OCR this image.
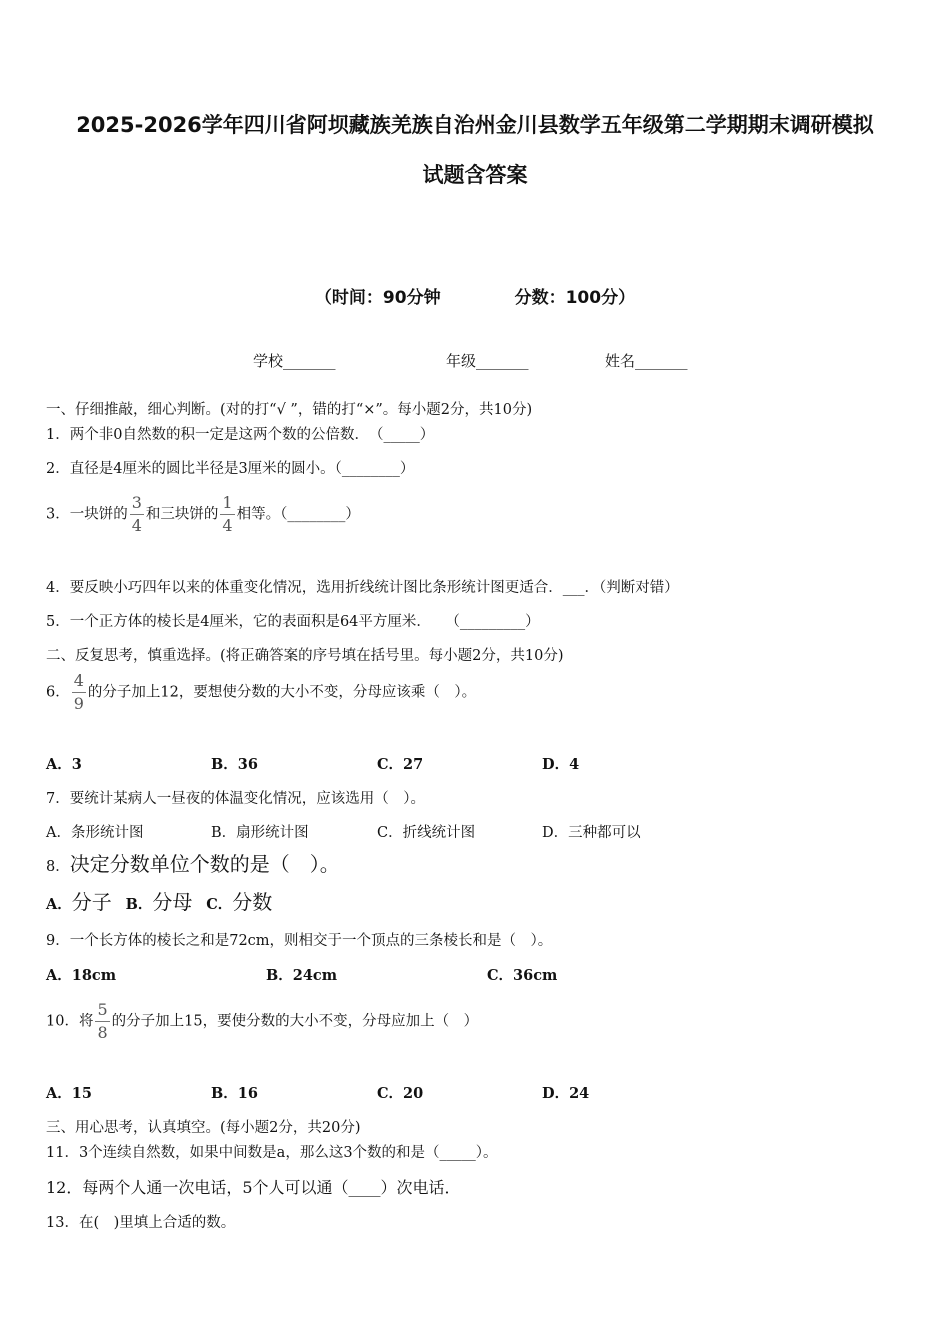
2025-2026学年四川省阿坝藏族羌族自治州金川县数学五年级第二学期期末调研模拟
试题含答案
（时间：90分钟	分数：100分）
学校_______	年级_______	姓名_______
一、仔细推敲，细心判断。(对的打“√ ”，错的打“×”。每小题2分，共10分)
1．两个非0自然数的积一定是这两个数的公倍数．　（_____）
2．直径是4厘米的圆比半径是3厘米的圆小。（________）
3．一块饼的 $\frac{3}{4}$ 和三块饼的 $\frac{1}{4}$ 相等。（________）
4．要反映小巧四年以来的体重变化情况，选用折线统计图比条形统计图更适合．___．（判断对错）
5．一个正方体的棱长是4厘米，它的表面积是64平方厘米．　　（_________）
二、反复思考，慎重选择。(将正确答案的序号填在括号里。每小题2分，共10分)
6． $\frac{4}{9}$ 的分子加上12，要想使分数的大小不变，分母应该乘（　）。
A．3	B．36	C．27	D．4
7．要统计某病人一昼夜的体温变化情况，应该选用（　）。
A．条形统计图	B．扇形统计图	C．折线统计图	D．三种都可以
8．决定分数单位个数的是（　）。
A．分子 B．分母 C．分数
9．一个长方体的棱长之和是72cm，则相交于一个顶点的三条棱长和是（　）。
A．18cm	B．24cm	C．36cm
10．将 $\frac{5}{8}$ 的分子加上15，要使分数的大小不变，分母应加上（　）
A．15	B．16	C．20	D．24
三、用心思考，认真填空。(每小题2分，共20分)
11．3个连续自然数，如果中间数是a，那么这3个数的和是（_____）。
12．每两个人通一次电话，5个人可以通（____）次电话．
13．在(　)里填上合适的数。
